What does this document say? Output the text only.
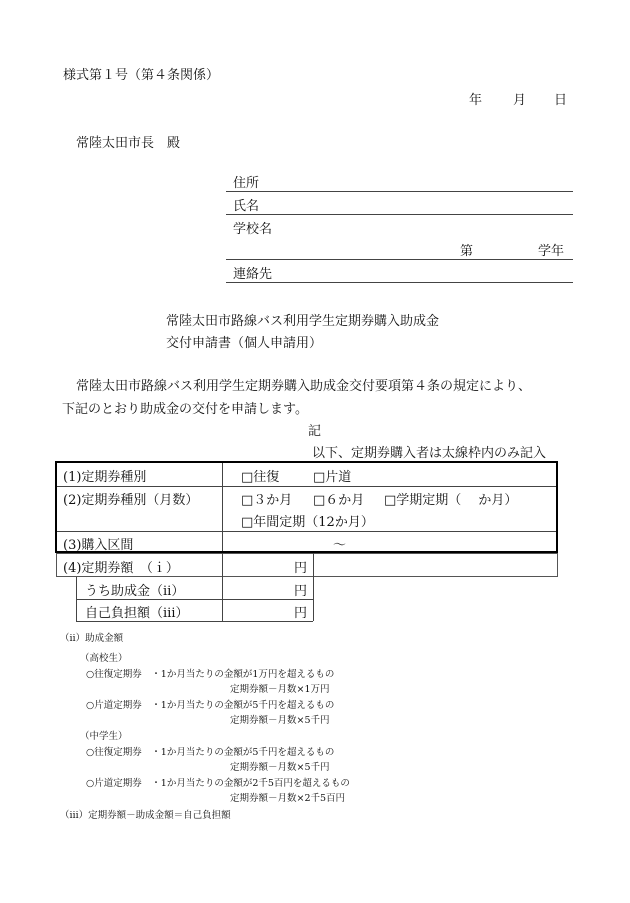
様式第１号（第４条関係）
年 月 日
常陸太田市長　殿
住所
氏名
学校名
第	学年
連絡先
常陸太田市路線バス利用学生定期券購入助成金
交付申請書（個人申請用）
常陸太田市路線バス利用学生定期券購入助成金交付要項第４条の規定により、
下記のとおり助成金の交付を申請します。
記
以下、定期券購入者は太線枠内のみ記入
(1)定期券種別	□往復	□片道
(2)定期券種別（月数）	□３か月 □６か月 □学期定期（　 か月）
□年間定期（12か月）
(3)購入区間	～
(4)定期券額　（ｉ）	円
うち助成金（ⅱ）	円
自己負担額（ⅲ）	円
（ⅱ）助成金額
（高校生）
○往復定期券　・1か月当たりの金額が1万円を超えるもの
定期券額－月数×1万円
○片道定期券　・1か月当たりの金額が5千円を超えるもの
定期券額－月数×5千円
（中学生）
○往復定期券　・1か月当たりの金額が5千円を超えるもの
定期券額－月数×5千円
○片道定期券　・1か月当たりの金額が2千5百円を超えるもの
定期券額－月数×2千5百円
（ⅲ）定期券額－助成金額＝自己負担額
